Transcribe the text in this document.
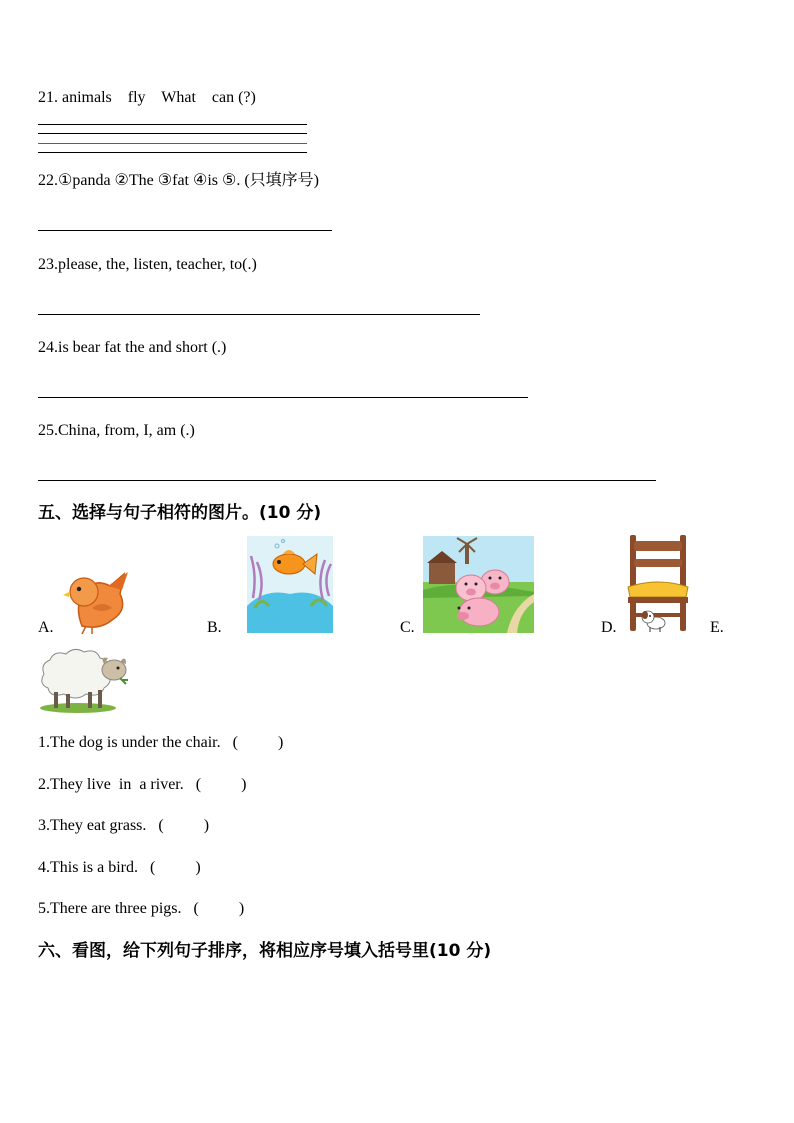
21. animals    fly    What    can (?)
22.①panda ②The ③fat ④is ⑤. (只填序号)
23.please, the, listen, teacher, to(.)
24.is bear fat the and short (.)
25.China, from, I, am (.)
五、选择与句子相符的图片。(10 分)
A.	B.	C.	D.	E.
1.The dog is under the chair.   (          )
2.They live  in  a river.   (          )
3.They eat grass.   (          )
4.This is a bird.   (          )
5.There are three pigs.   (          )
六、看图，给下列句子排序，将相应序号填入括号里(10 分)
